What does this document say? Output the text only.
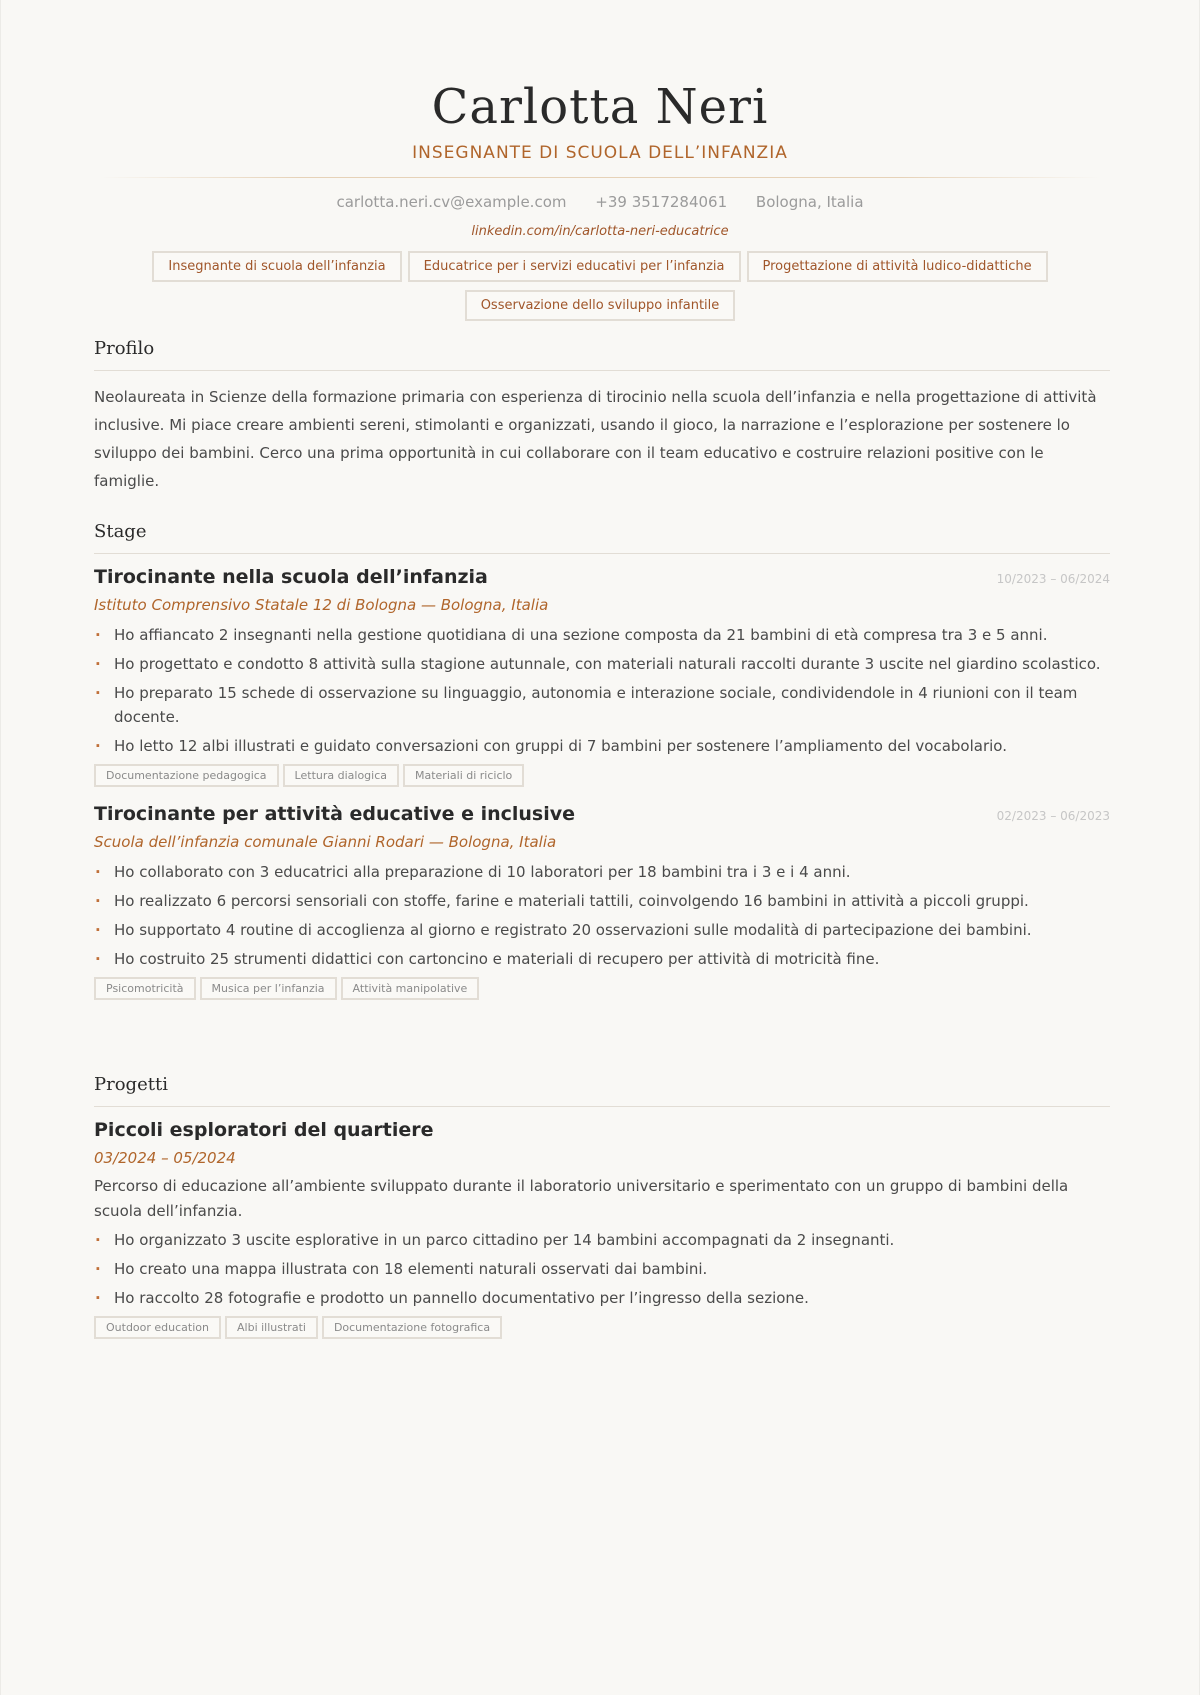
Carlotta Neri
INSEGNANTE DI SCUOLA DELL’INFANZIA
carlotta.neri.cv@example.com +39 3517284061 Bologna, Italia
linkedin.com/in/carlotta-neri-educatrice
Insegnante di scuola dell’infanzia	Educatrice per i servizi educativi per l’infanzia	Progettazione di attività ludico-didattiche
Osservazione dello sviluppo infantile
Profilo
Neolaureata in Scienze della formazione primaria con esperienza di tirocinio nella scuola dell’infanzia e nella progettazione di attività inclusive. Mi piace creare ambienti sereni, stimolanti e organizzati, usando il gioco, la narrazione e l’esplorazione per sostenere lo sviluppo dei bambini. Cerco una prima opportunità in cui collaborare con il team educativo e costruire relazioni positive con le famiglie.
Stage
Tirocinante nella scuola dell’infanzia	10/2023 – 06/2024
Istituto Comprensivo Statale 12 di Bologna — Bologna, Italia
· Ho affiancato 2 insegnanti nella gestione quotidiana di una sezione composta da 21 bambini di età compresa tra 3 e 5 anni.
· Ho progettato e condotto 8 attività sulla stagione autunnale, con materiali naturali raccolti durante 3 uscite nel giardino scolastico.
· Ho preparato 15 schede di osservazione su linguaggio, autonomia e interazione sociale, condividendole in 4 riunioni con il team docente.
· Ho letto 12 albi illustrati e guidato conversazioni con gruppi di 7 bambini per sostenere l’ampliamento del vocabolario.
Documentazione pedagogica	Lettura dialogica	Materiali di riciclo
Tirocinante per attività educative e inclusive	02/2023 – 06/2023
Scuola dell’infanzia comunale Gianni Rodari — Bologna, Italia
· Ho collaborato con 3 educatrici alla preparazione di 10 laboratori per 18 bambini tra i 3 e i 4 anni.
· Ho realizzato 6 percorsi sensoriali con stoffe, farine e materiali tattili, coinvolgendo 16 bambini in attività a piccoli gruppi.
· Ho supportato 4 routine di accoglienza al giorno e registrato 20 osservazioni sulle modalità di partecipazione dei bambini.
· Ho costruito 25 strumenti didattici con cartoncino e materiali di recupero per attività di motricità fine.
Psicomotricità	Musica per l’infanzia	Attività manipolative
Progetti
Piccoli esploratori del quartiere
03/2024 – 05/2024
Percorso di educazione all’ambiente sviluppato durante il laboratorio universitario e sperimentato con un gruppo di bambini della scuola dell’infanzia.
· Ho organizzato 3 uscite esplorative in un parco cittadino per 14 bambini accompagnati da 2 insegnanti.
· Ho creato una mappa illustrata con 18 elementi naturali osservati dai bambini.
· Ho raccolto 28 fotografie e prodotto un pannello documentativo per l’ingresso della sezione.
Outdoor education	Albi illustrati	Documentazione fotografica
